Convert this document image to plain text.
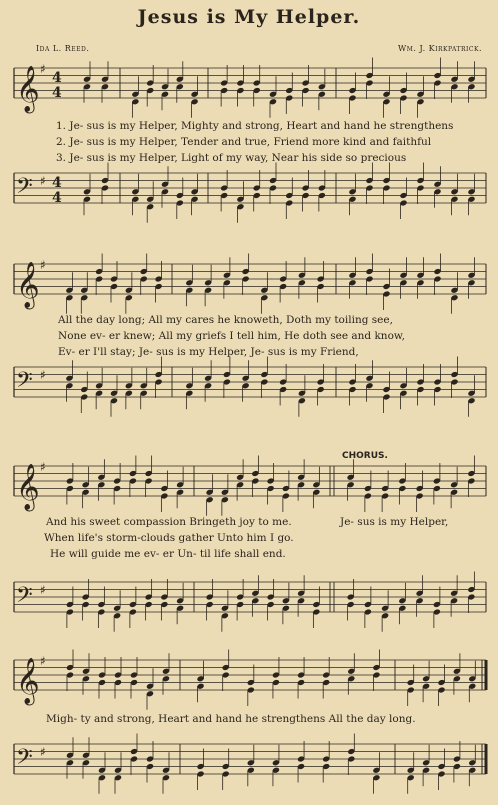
Jesus is My Helper.
Ida L. Reed.	Wm. J. Kirkpatrick.
𝄞 ♯
4
4
1. Je- sus is my Helper, Mighty and strong, Heart and hand he strengthens
2. Je- sus is my Helper, Tender and true, Friend more kind and faithful
3. Je- sus is my Helper, Light of my way, Near his side so precious
𝄢 ♯ 4
4
𝄞 ♯
All the day long; All my cares he knoweth, Doth my toiling see,
None ev- er knew; All my griefs I tell him, He doth see and know,
Ev- er I'll stay; Je- sus is my Helper, Je- sus is my Friend,
𝄢 ♯
CHORUS.
𝄞 ♯
And his sweet compassion Bringeth joy to me.
When life's storm-clouds gather Unto him I go.
He will guide me ev- er Un- til life shall end.
Je- sus is my Helper,
𝄢 ♯
𝄞 ♯
Migh- ty and strong, Heart and hand he strengthens All the day long.
𝄢 ♯
